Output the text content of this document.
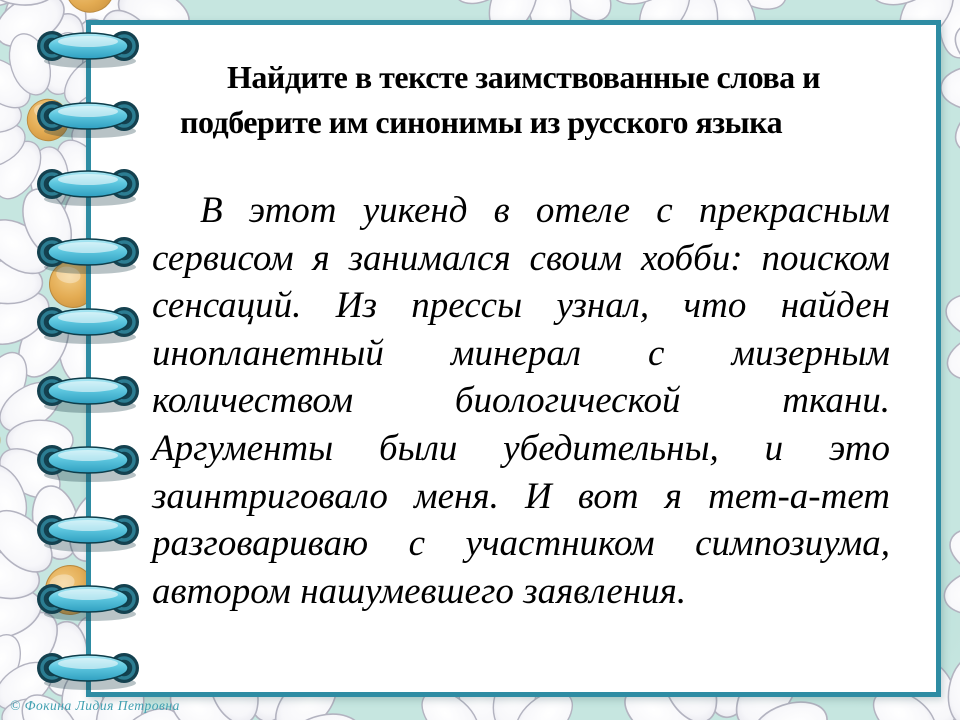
Найдите в тексте заимствованные слова и
подберите им синонимы из русского языка
В этот уикенд в отеле с прекрасным
сервисом я занимался своим хобби: поиском
сенсаций. Из прессы узнал, что найден
инопланетный минерал с мизерным
количеством биологической ткани.
Аргументы были убедительны, и это
заинтриговало меня. И вот я тет-а-тет
разговариваю с участником симпозиума,
автором нашумевшего заявления.
© Фокина Лидия Петровна
